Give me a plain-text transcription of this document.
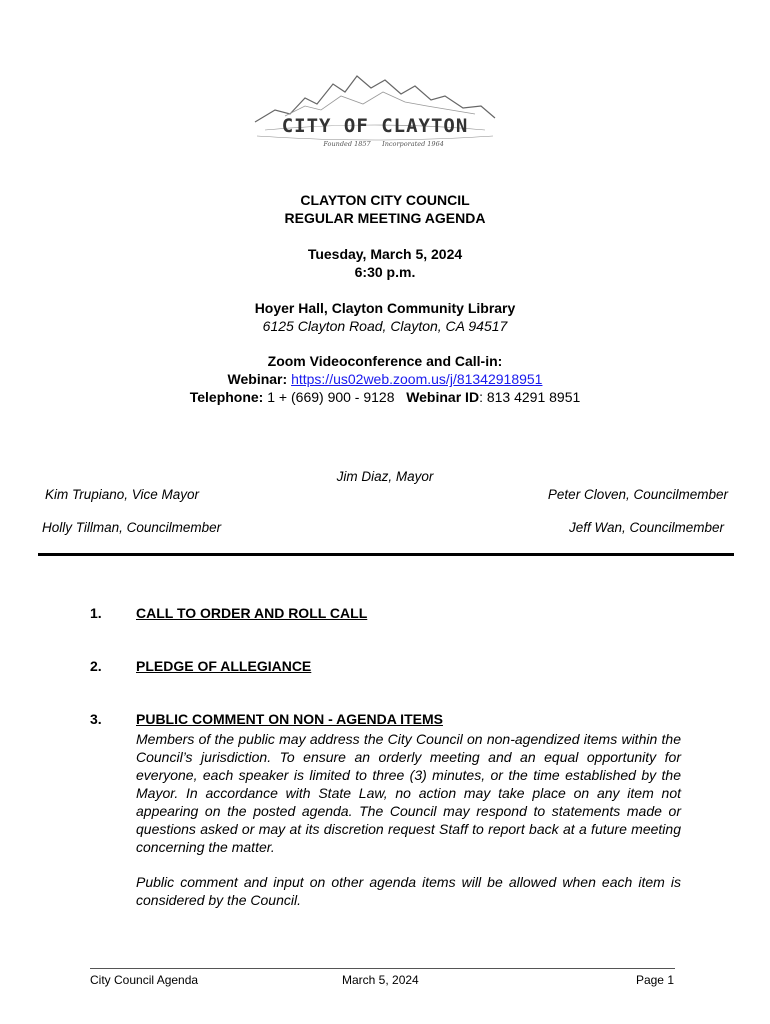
CITY OF CLAYTON
Founded 1857 Incorporated 1964
CLAYTON CITY COUNCIL
REGULAR MEETING AGENDA
Tuesday, March 5, 2024
6:30 p.m.
Hoyer Hall, Clayton Community Library
6125 Clayton Road, Clayton, CA 94517
Zoom Videoconference and Call-in:
Webinar: https://us02web.zoom.us/j/81342918951
Telephone: 1 + (669) 900 - 9128 Webinar ID: 813 4291 8951
Jim Diaz, Mayor
Kim Trupiano, Vice Mayor	Peter Cloven, Councilmember
Holly Tillman, Councilmember	Jeff Wan, Councilmember
1. CALL TO ORDER AND ROLL CALL
2. PLEDGE OF ALLEGIANCE
3. PUBLIC COMMENT ON NON - AGENDA ITEMS

Members of the public may address the City Council on non-agendized items within the Council’s jurisdiction. To ensure an orderly meeting and an equal opportunity for everyone, each speaker is limited to three (3) minutes, or the time established by the Mayor. In accordance with State Law, no action may take place on any item not appearing on the posted agenda. The Council may respond to statements made or questions asked or may at its discretion request Staff to report back at a future meeting concerning the matter.

Public comment and input on other agenda items will be allowed when each item is considered by the Council.

City Council Agenda	March 5, 2024	Page 1
